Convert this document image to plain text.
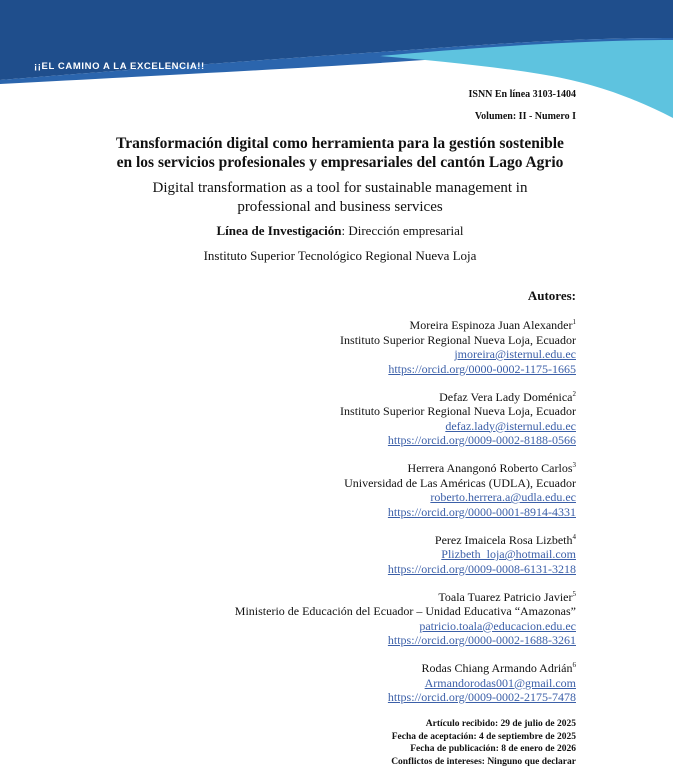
¡¡EL CAMINO A LA EXCELENCIA!!
ISNN En línea 3103-1404
Volumen: II - Numero I
Transformación digital como herramienta para la gestión sostenible
en los servicios profesionales y empresariales del cantón Lago Agrio
Digital transformation as a tool for sustainable management in
professional and business services
Línea de Investigación: Dirección empresarial
Instituto Superior Tecnológico Regional Nueva Loja
Autores:
Moreira Espinoza Juan Alexander$^1$
Instituto Superior Regional Nueva Loja, Ecuador
jmoreira@isternul.edu.ec
https://orcid.org/0000-0002-1175-1665
Defaz Vera Lady Doménica$^2$
Instituto Superior Regional Nueva Loja, Ecuador
defaz.lady@isternul.edu.ec
https://orcid.org/0009-0002-8188-0566
Herrera Anangonó Roberto Carlos$^3$
Universidad de Las Américas (UDLA), Ecuador
roberto.herrera.a@udla.edu.ec
https://orcid.org/0000-0001-8914-4331
Perez Imaicela Rosa Lizbeth$^4$
Plizbeth_loja@hotmail.com
https://orcid.org/0009-0008-6131-3218
Toala Tuarez Patricio Javier$^5$
Ministerio de Educación del Ecuador – Unidad Educativa “Amazonas”
patricio.toala@educacion.edu.ec
https://orcid.org/0000-0002-1688-3261
Rodas Chiang Armando Adrián$^6$
Armandorodas001@gmail.com
https://orcid.org/0009-0002-2175-7478
Artículo recibido: 29 de julio de 2025
Fecha de aceptación: 4 de septiembre de 2025
Fecha de publicación: 8 de enero de 2026
Conflictos de intereses: Ninguno que declarar
